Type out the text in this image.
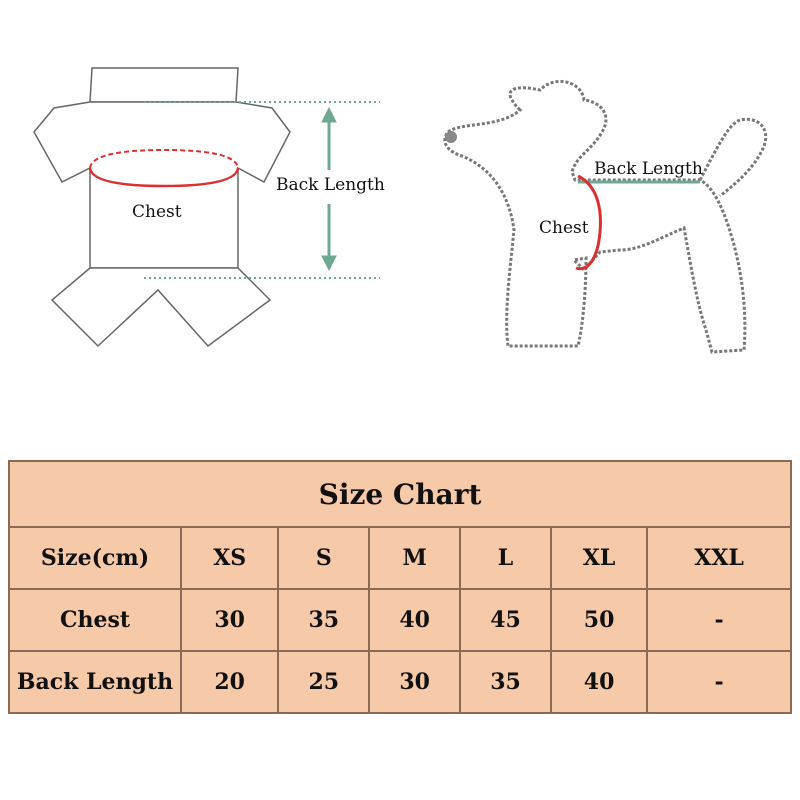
Chest
Back Length
Back Length
Chest
Size Chart						
Size(cm)	XS	S	M	L	XL	XXL
Chest	30	35	40	45	50	-
Back Length	20	25	30	35	40	-
